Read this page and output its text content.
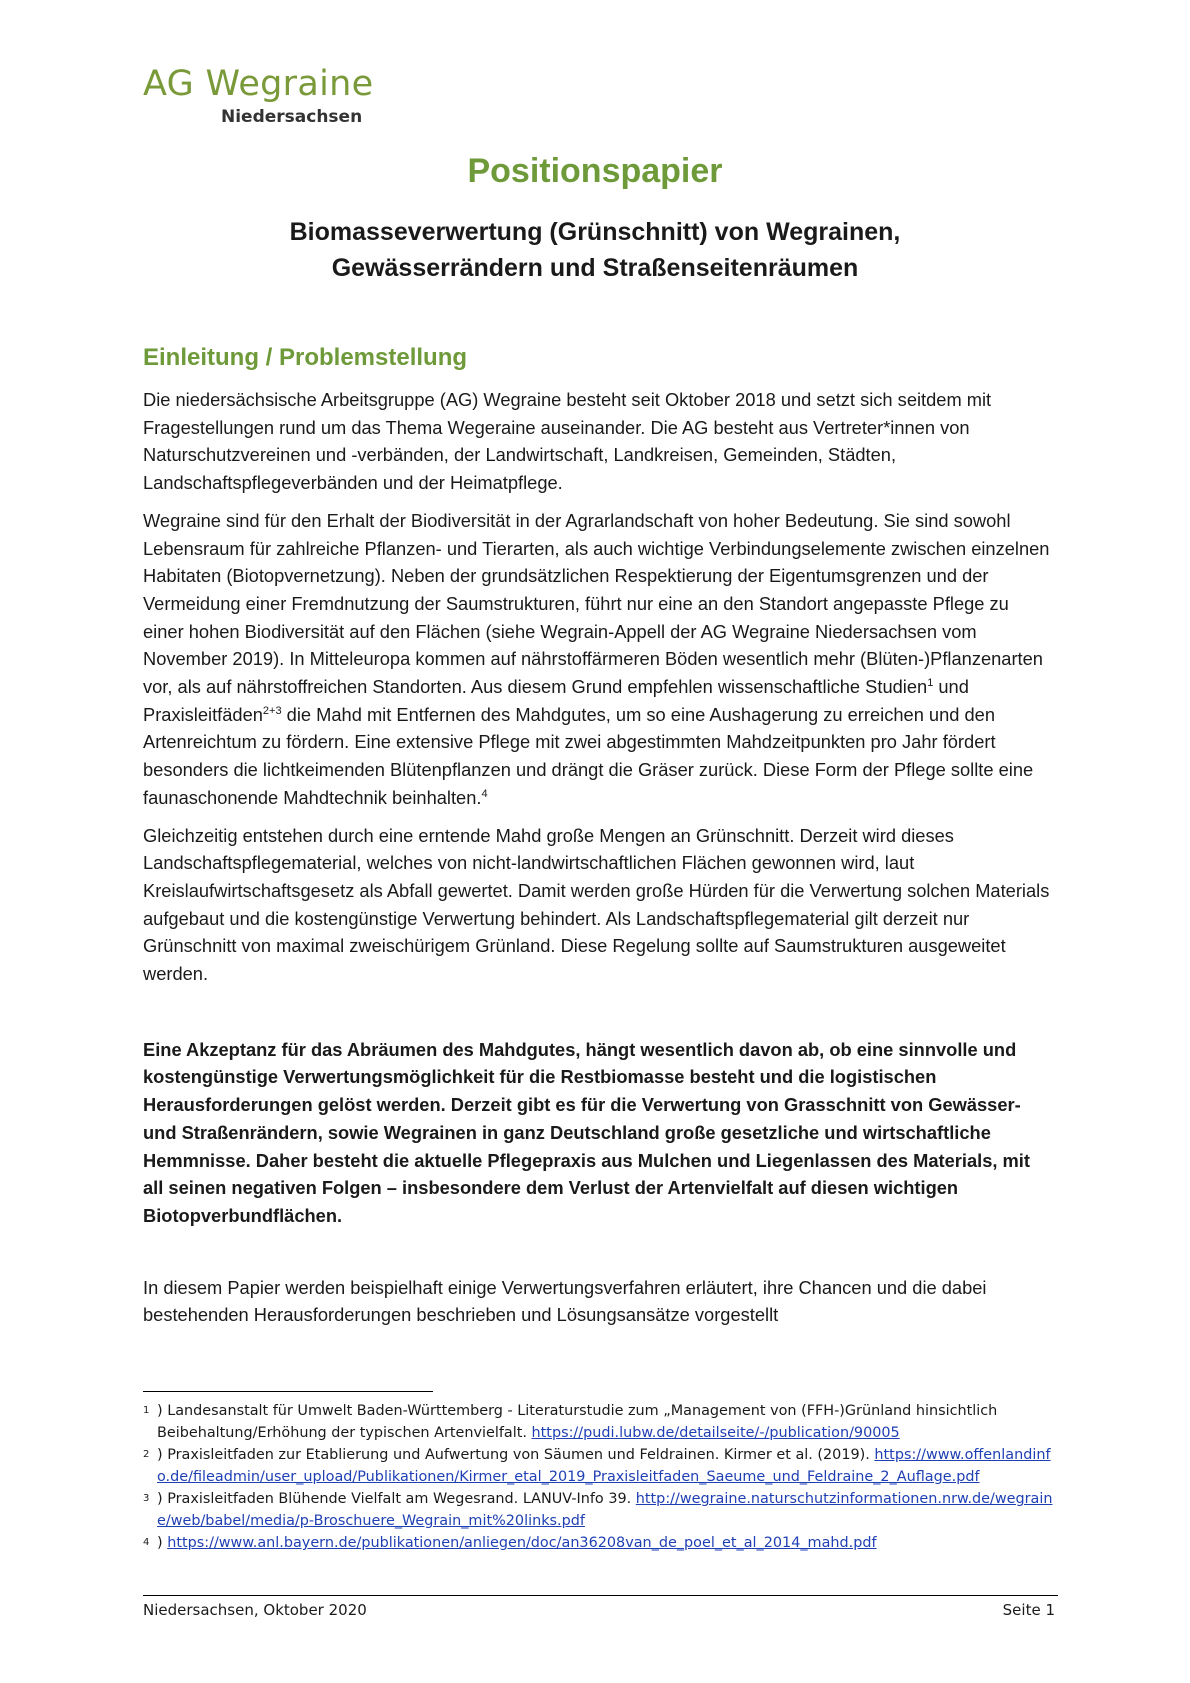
AG Wegraine

Niedersachsen

Positionspapier
Biomasseverwertung (Grünschnitt) von Wegrainen,
Gewässerrändern und Straßenseitenräumen
Einleitung / Problemstellung

Die niedersächsische Arbeitsgruppe (AG) Wegraine besteht seit Oktober 2018 und setzt sich seitdem mit Fragestellungen rund um das Thema Wegeraine auseinander. Die AG besteht aus Vertreter*innen von Naturschutzvereinen und -verbänden, der Landwirtschaft, Landkreisen, Gemeinden, Städten, Landschaftspflegeverbänden und der Heimatpflege.

Wegraine sind für den Erhalt der Biodiversität in der Agrarlandschaft von hoher Bedeutung. Sie sind sowohl Lebensraum für zahlreiche Pflanzen- und Tierarten, als auch wichtige Verbindungselemente zwischen einzelnen Habitaten (Biotopvernetzung). Neben der grundsätzlichen Respektierung der Eigentumsgrenzen und der Vermeidung einer Fremdnutzung der Saumstrukturen, führt nur eine an den Standort angepasste Pflege zu einer hohen Biodiversität auf den Flächen (siehe Wegrain-Appell der AG Wegraine Niedersachsen vom November 2019). In Mitteleuropa kommen auf nährstoffärmeren Böden wesentlich mehr (Blüten-)Pflanzenarten vor, als auf nährstoffreichen Standorten. Aus diesem Grund empfehlen wissenschaftliche Studien$^1$ und Praxisleitfäden$^{2+3}$ die Mahd mit Entfernen des Mahdgutes, um so eine Aushagerung zu erreichen und den Artenreichtum zu fördern. Eine extensive Pflege mit zwei abgestimmten Mahdzeitpunkten pro Jahr fördert besonders die lichtkeimenden Blütenpflanzen und drängt die Gräser zurück. Diese Form der Pflege sollte eine faunaschonende Mahdtechnik beinhalten.$^4$

Gleichzeitig entstehen durch eine erntende Mahd große Mengen an Grünschnitt. Derzeit wird dieses Landschaftspflegematerial, welches von nicht-landwirtschaftlichen Flächen gewonnen wird, laut Kreislaufwirtschaftsgesetz als Abfall gewertet. Damit werden große Hürden für die Verwertung solchen Materials aufgebaut und die kostengünstige Verwertung behindert. Als Landschaftspflegematerial gilt derzeit nur Grünschnitt von maximal zweischürigem Grünland. Diese Regelung sollte auf Saumstrukturen ausgeweitet werden.

Eine Akzeptanz für das Abräumen des Mahdgutes, hängt wesentlich davon ab, ob eine sinnvolle und kostengünstige Verwertungsmöglichkeit für die Restbiomasse besteht und die logistischen Herausforderungen gelöst werden. Derzeit gibt es für die Verwertung von Grasschnitt von Gewässer- und Straßenrändern, sowie Wegrainen in ganz Deutschland große gesetzliche und wirtschaftliche Hemmnisse. Daher besteht die aktuelle Pflegepraxis aus Mulchen und Liegenlassen des Materials, mit all seinen negativen Folgen – insbesondere dem Verlust der Artenvielfalt auf diesen wichtigen Biotopverbundflächen.

In diesem Papier werden beispielhaft einige Verwertungsverfahren erläutert, ihre Chancen und die dabei bestehenden Herausforderungen beschrieben und Lösungsansätze vorgestellt

$^1$ ) Landesanstalt für Umwelt Baden-Württemberg - Literaturstudie zum „Management von (FFH-)Grünland hinsichtlich Beibehaltung/Erhöhung der typischen Artenvielfalt. https://pudi.lubw.de/detailseite/-/publication/90005
$^2$ ) Praxisleitfaden zur Etablierung und Aufwertung von Säumen und Feldrainen. Kirmer et al. (2019). https://www.offenlandinfo.de/fileadmin/user_upload/Publikationen/Kirmer_etal_2019_Praxisleitfaden_Saeume_und_Feldraine_2_Auflage.pdf
$^3$ ) Praxisleitfaden Blühende Vielfalt am Wegesrand. LANUV-Info 39. http://wegraine.naturschutzinformationen.nrw.de/wegraine/web/babel/media/p-Broschuere_Wegrain_mit%20links.pdf
$^4$ ) https://www.anl.bayern.de/publikationen/anliegen/doc/an36208van_de_poel_et_al_2014_mahd.pdf
Niedersachsen, Oktober 2020	Seite 1
